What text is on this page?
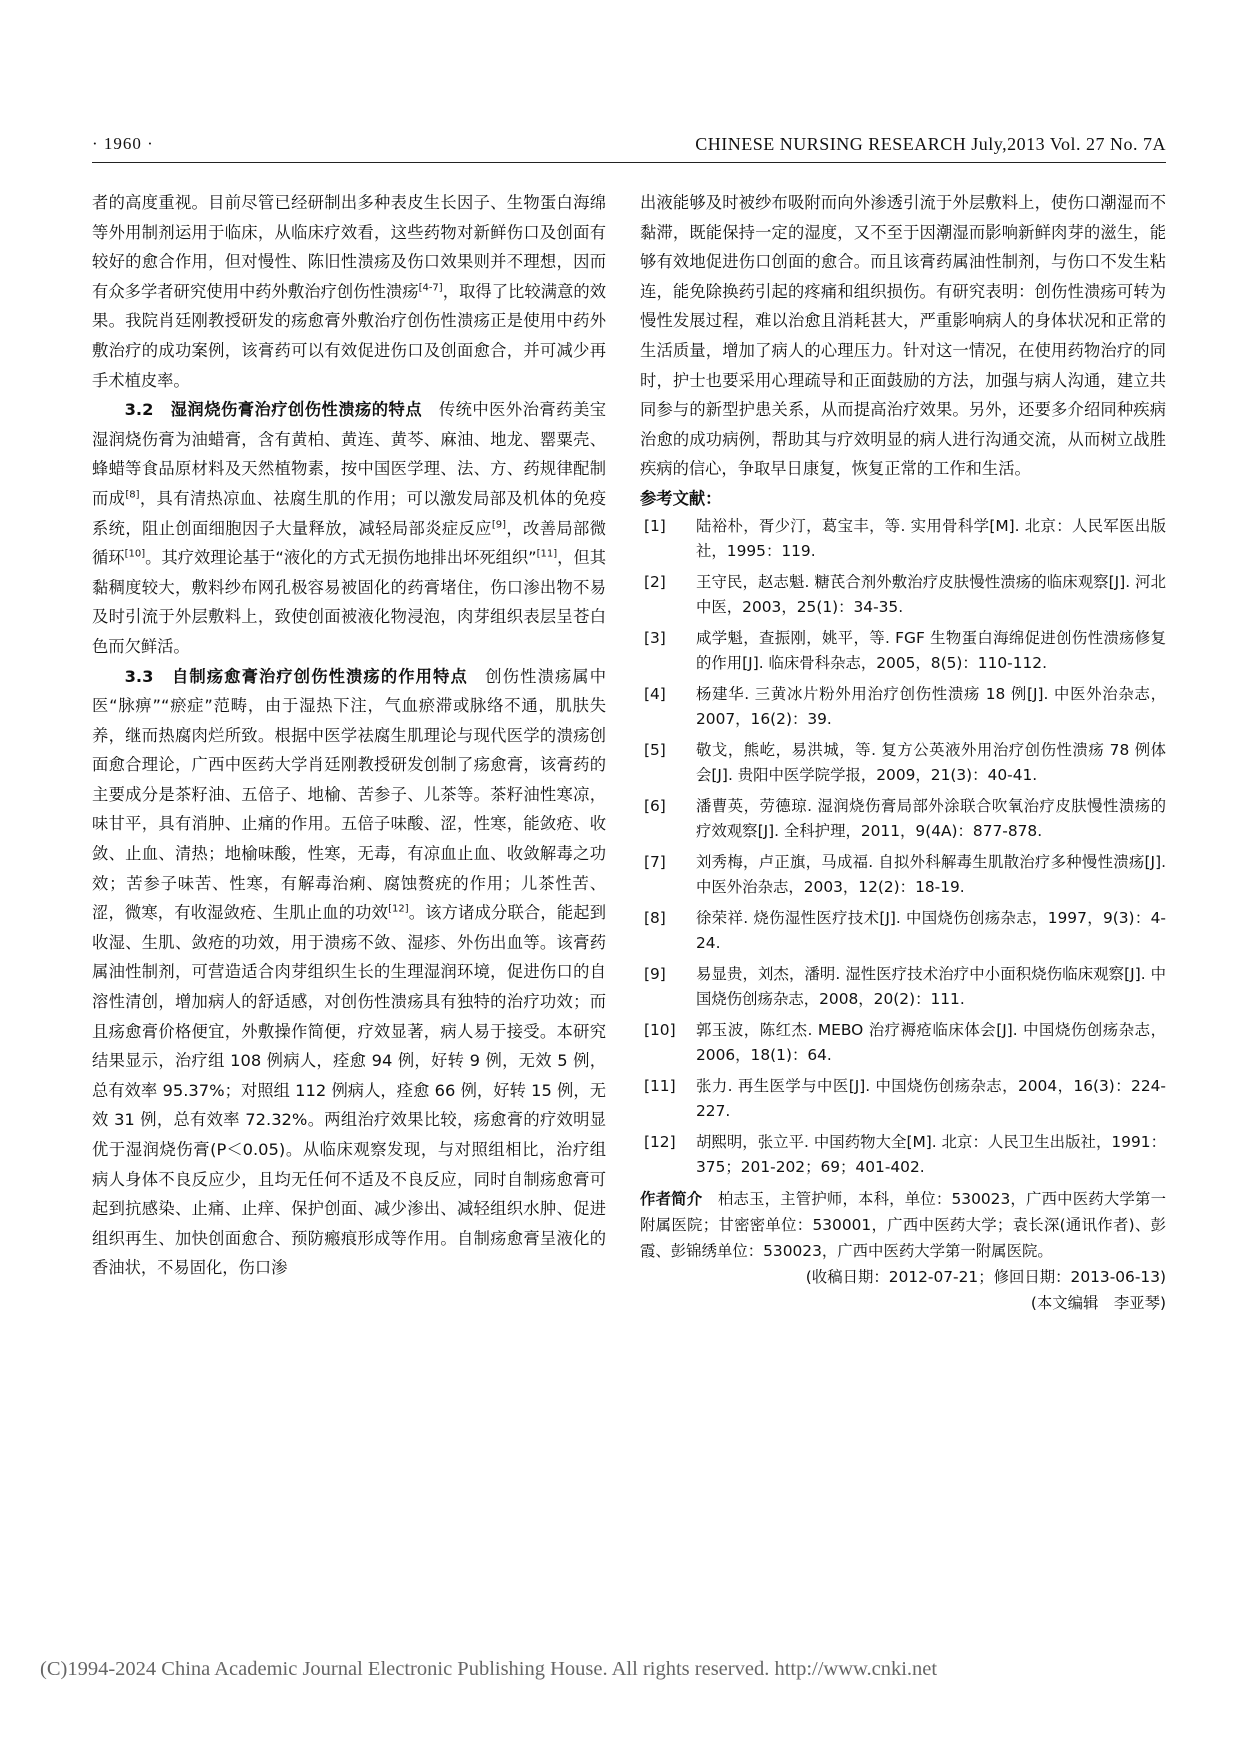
· 1960 ·	CHINESE NURSING RESEARCH July,2013 Vol. 27 No. 7A

者的高度重视。目前尽管已经研制出多种表皮生长因子、生物蛋白海绵等外用制剂运用于临床，从临床疗效看，这些药物对新鲜伤口及创面有较好的愈合作用，但对慢性、陈旧性溃疡及伤口效果则并不理想，因而有众多学者研究使用中药外敷治疗创伤性溃疡[4-7]，取得了比较满意的效果。我院肖廷刚教授研发的疡愈膏外敷治疗创伤性溃疡正是使用中药外敷治疗的成功案例，该膏药可以有效促进伤口及创面愈合，并可减少再手术植皮率。

3.2　湿润烧伤膏治疗创伤性溃疡的特点　传统中医外治膏药美宝湿润烧伤膏为油蜡膏，含有黄柏、黄连、黄芩、麻油、地龙、罂粟壳、蜂蜡等食品原材料及天然植物素，按中国医学理、法、方、药规律配制而成[8]，具有清热凉血、祛腐生肌的作用；可以激发局部及机体的免疫系统，阻止创面细胞因子大量释放，减轻局部炎症反应[9]，改善局部微循环[10]。其疗效理论基于“液化的方式无损伤地排出坏死组织”[11]，但其黏稠度较大，敷料纱布网孔极容易被固化的药膏堵住，伤口渗出物不易及时引流于外层敷料上，致使创面被液化物浸泡，肉芽组织表层呈苍白色而欠鲜活。

3.3　自制疡愈膏治疗创伤性溃疡的作用特点　创伤性溃疡属中医“脉痹”“瘀症”范畴，由于湿热下注，气血瘀滞或脉络不通，肌肤失养，继而热腐肉烂所致。根据中医学祛腐生肌理论与现代医学的溃疡创面愈合理论，广西中医药大学肖廷刚教授研发创制了疡愈膏，该膏药的主要成分是茶籽油、五倍子、地榆、苦参子、儿茶等。茶籽油性寒凉，味甘平，具有消肿、止痛的作用。五倍子味酸、涩，性寒，能敛疮、收敛、止血、清热；地榆味酸，性寒，无毒，有凉血止血、收敛解毒之功效；苦参子味苦、性寒，有解毒治痢、腐蚀赘疣的作用；儿茶性苦、涩，微寒，有收湿敛疮、生肌止血的功效[12]。该方诸成分联合，能起到收湿、生肌、敛疮的功效，用于溃疡不敛、湿疹、外伤出血等。该膏药属油性制剂，可营造适合肉芽组织生长的生理湿润环境，促进伤口的自溶性清创，增加病人的舒适感，对创伤性溃疡具有独特的治疗功效；而且疡愈膏价格便宜，外敷操作简便，疗效显著，病人易于接受。本研究结果显示，治疗组 108 例病人，痊愈 94 例，好转 9 例，无效 5 例，总有效率 95.37%；对照组 112 例病人，痊愈 66 例，好转 15 例，无效 31 例，总有效率 72.32%。两组治疗效果比较，疡愈膏的疗效明显优于湿润烧伤膏(P＜0.05)。从临床观察发现，与对照组相比，治疗组病人身体不良反应少，且均无任何不适及不良反应，同时自制疡愈膏可起到抗感染、止痛、止痒、保护创面、减少渗出、减轻组织水肿、促进组织再生、加快创面愈合、预防瘢痕形成等作用。自制疡愈膏呈液化的香油状，不易固化，伤口渗

出液能够及时被纱布吸附而向外渗透引流于外层敷料上，使伤口潮湿而不黏滞，既能保持一定的湿度，又不至于因潮湿而影响新鲜肉芽的滋生，能够有效地促进伤口创面的愈合。而且该膏药属油性制剂，与伤口不发生粘连，能免除换药引起的疼痛和组织损伤。有研究表明：创伤性溃疡可转为慢性发展过程，难以治愈且消耗甚大，严重影响病人的身体状况和正常的生活质量，增加了病人的心理压力。针对这一情况，在使用药物治疗的同时，护士也要采用心理疏导和正面鼓励的方法，加强与病人沟通，建立共同参与的新型护患关系，从而提高治疗效果。另外，还要多介绍同种疾病治愈的成功病例，帮助其与疗效明显的病人进行沟通交流，从而树立战胜疾病的信心，争取早日康复，恢复正常的工作和生活。

参考文献：

[1]	陆裕朴，胥少汀，葛宝丰，等. 实用骨科学[M]. 北京：人民军医出版社，1995：119.
[2]	王守民，赵志魁. 糖芪合剂外敷治疗皮肤慢性溃疡的临床观察[J]. 河北中医，2003，25(1)：34-35.
[3]	咸学魁，查振刚，姚平，等. FGF 生物蛋白海绵促进创伤性溃疡修复的作用[J]. 临床骨科杂志，2005，8(5)：110-112.
[4]	杨建华. 三黄冰片粉外用治疗创伤性溃疡 18 例[J]. 中医外治杂志，2007，16(2)：39.
[5]	敬戈，熊屹，易洪城，等. 复方公英液外用治疗创伤性溃疡 78 例体会[J]. 贵阳中医学院学报，2009，21(3)：40-41.
[6]	潘曹英，劳德琼. 湿润烧伤膏局部外涂联合吹氧治疗皮肤慢性溃疡的疗效观察[J]. 全科护理，2011，9(4A)：877-878.
[7]	刘秀梅，卢正旗，马成福. 自拟外科解毒生肌散治疗多种慢性溃疡[J]. 中医外治杂志，2003，12(2)：18-19.
[8]	徐荣祥. 烧伤湿性医疗技术[J]. 中国烧伤创疡杂志，1997，9(3)：4-24.
[9]	易显贵，刘杰，潘明. 湿性医疗技术治疗中小面积烧伤临床观察[J]. 中国烧伤创疡杂志，2008，20(2)：111.
[10]	郭玉波，陈红杰. MEBO 治疗褥疮临床体会[J]. 中国烧伤创疡杂志，2006，18(1)：64.
[11]	张力. 再生医学与中医[J]. 中国烧伤创疡杂志，2004，16(3)：224-227.
[12]	胡熙明，张立平. 中国药物大全[M]. 北京：人民卫生出版社，1991：375；201-202；69；401-402.
作者简介　柏志玉，主管护师，本科，单位：530023，广西中医药大学第一附属医院；甘密密单位：530001，广西中医药大学；袁长深(通讯作者)、彭霞、彭锦绣单位：530023，广西中医药大学第一附属医院。
(收稿日期：2012-07-21；修回日期：2013-06-13)
(本文编辑　李亚琴)
(C)1994-2024 China Academic Journal Electronic Publishing House. All rights reserved. http://www.cnki.net
